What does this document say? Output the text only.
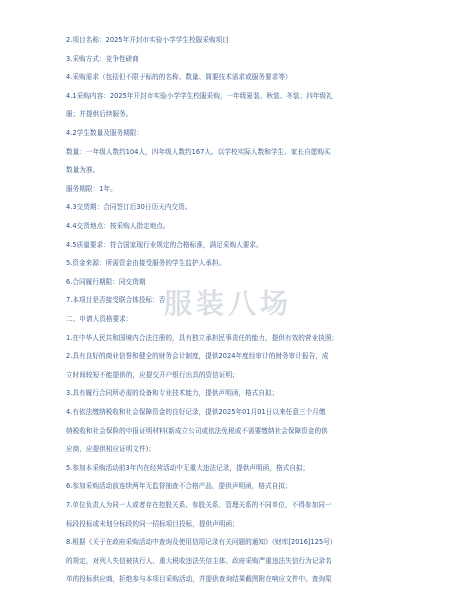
2.项目名称：2025年开封市实验小学学生校服采购项目
3.采购方式：竞争性磋商
4.采购需求（包括但不限于标的的名称、数量、简要技术需求或服务要求等）
4.1采购内容：2025年开封市实验小学学生校服采购，一年级夏装、秋装、冬装；四年级礼
服；并提供后续服务。
4.2学生数量及服务期限：
数量：一年级人数约104人，四年级人数约167人。以学校实际人数和学生、家长自愿购买
数量为准。
服务期限：1年。
4.3交货期：合同签订后30日历天内交货。
4.4交货地点：按采购人指定地点。
4.5质量要求：符合国家现行业规定的合格标准，满足采购人要求。
5.资金来源：所需资金由接受服务的学生监护人承担。
6.合同履行期限：同交货期
7.本项目是否接受联合体投标：否
二、申请人资格要求：
1.在中华人民共和国境内合法注册的，具有独立承担民事责任的能力，提供有效的营业执照；
2.具有良好的商业信誉和健全的财务会计制度，提供2024年度经审计的财务审计报告，成
立时间较短不能提供的，应提交开户银行出具的资信证明；
3.具有履行合同所必需的设备和专业技术能力，提供声明函，格式自拟；
4.有依法缴纳税收和社会保障资金的良好记录，提供2025年01月01日以来任意三个月缴
纳税收和社会保险的申报证明材料(新成立公司或依法免税或不需要缴纳社会保障资金的供
应商，应提供相应证明文件)；
5.参加本采购活动前3年内在经营活动中无重大违法记录，提供声明函，格式自拟；
6.参加采购活动前连续两年无监督抽查不合格产品，提供声明函，格式自拟；
7.单位负责人为同一人或者存在控股关系、参股关系、管理关系的不同单位，不得参加同一
标段投标或未划分标段的同一招标项目投标，提供声明函；
8.根据《关于在政府采购活动中查询及使用信用记录有关问题的通知》（财库[2016]125号）
的规定，对列入失信被执行人、重大税收违法失信主体、政府采购严重违法失信行为记录名
单的投标供应商，拒绝参与本项目采购活动，并提供查询结果截图附在响应文件中。查询渠
服装八场
